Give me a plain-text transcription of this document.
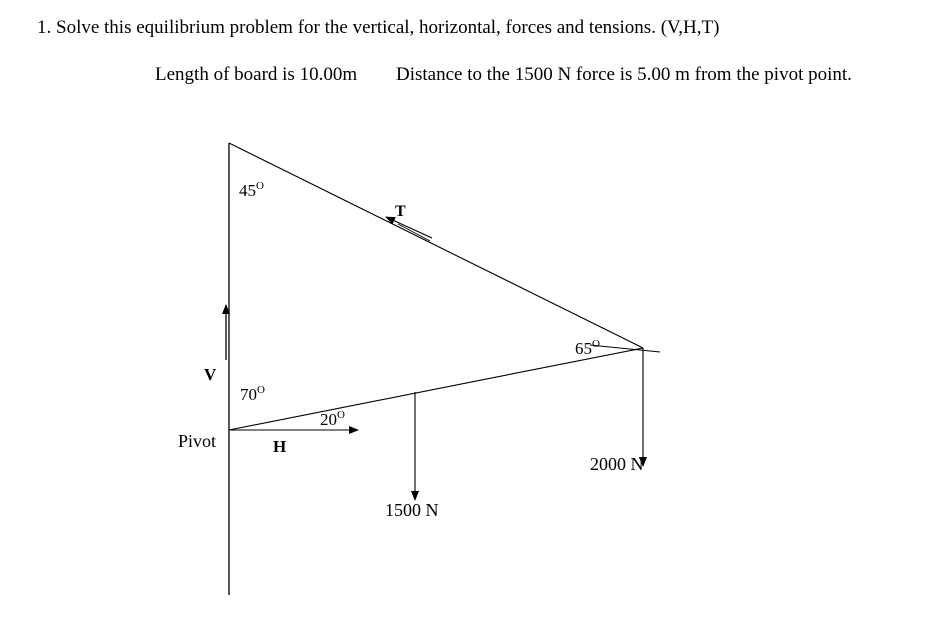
1. Solve this equilibrium problem for the vertical, horizontal, forces and tensions. (V,H,T)
Length of board is 10.00m Distance to the 1500 N force is 5.00 m from the pivot point.
$45^O$
$70^O$
$20^O$
$65^O$
V
H
T
Pivot
1500 N
2000 N
